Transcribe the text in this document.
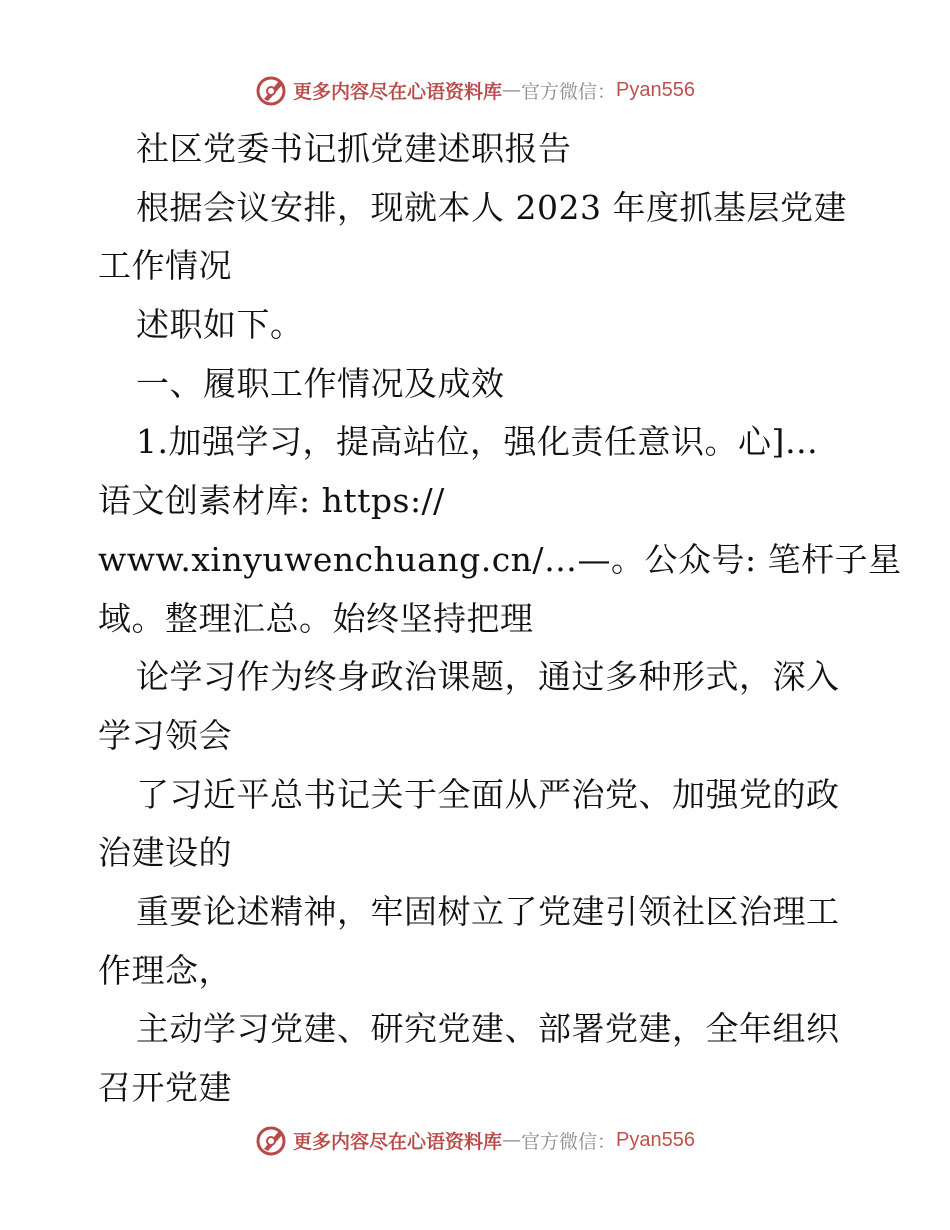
更多内容尽在心语资料库 — 官方微信： Pyan556
社区党委书记抓党建述职报告
根据会议安排，现就本人 2023 年度抓基层党建
工作情况
述职如下。
一、履职工作情况及成效
1.加强学习，提高站位，强化责任意识。心]…
语文创素材库: https://
www.xinyuwenchuang.cn/…—。公众号: 笔杆子星
域。整理汇总。始终坚持把理
论学习作为终身政治课题，通过多种形式，深入
学习领会
了习近平总书记关于全面从严治党、加强党的政
治建设的
重要论述精神，牢固树立了党建引领社区治理工
作理念，
主动学习党建、研究党建、部署党建，全年组织
召开党建
更多内容尽在心语资料库 — 官方微信： Pyan556
